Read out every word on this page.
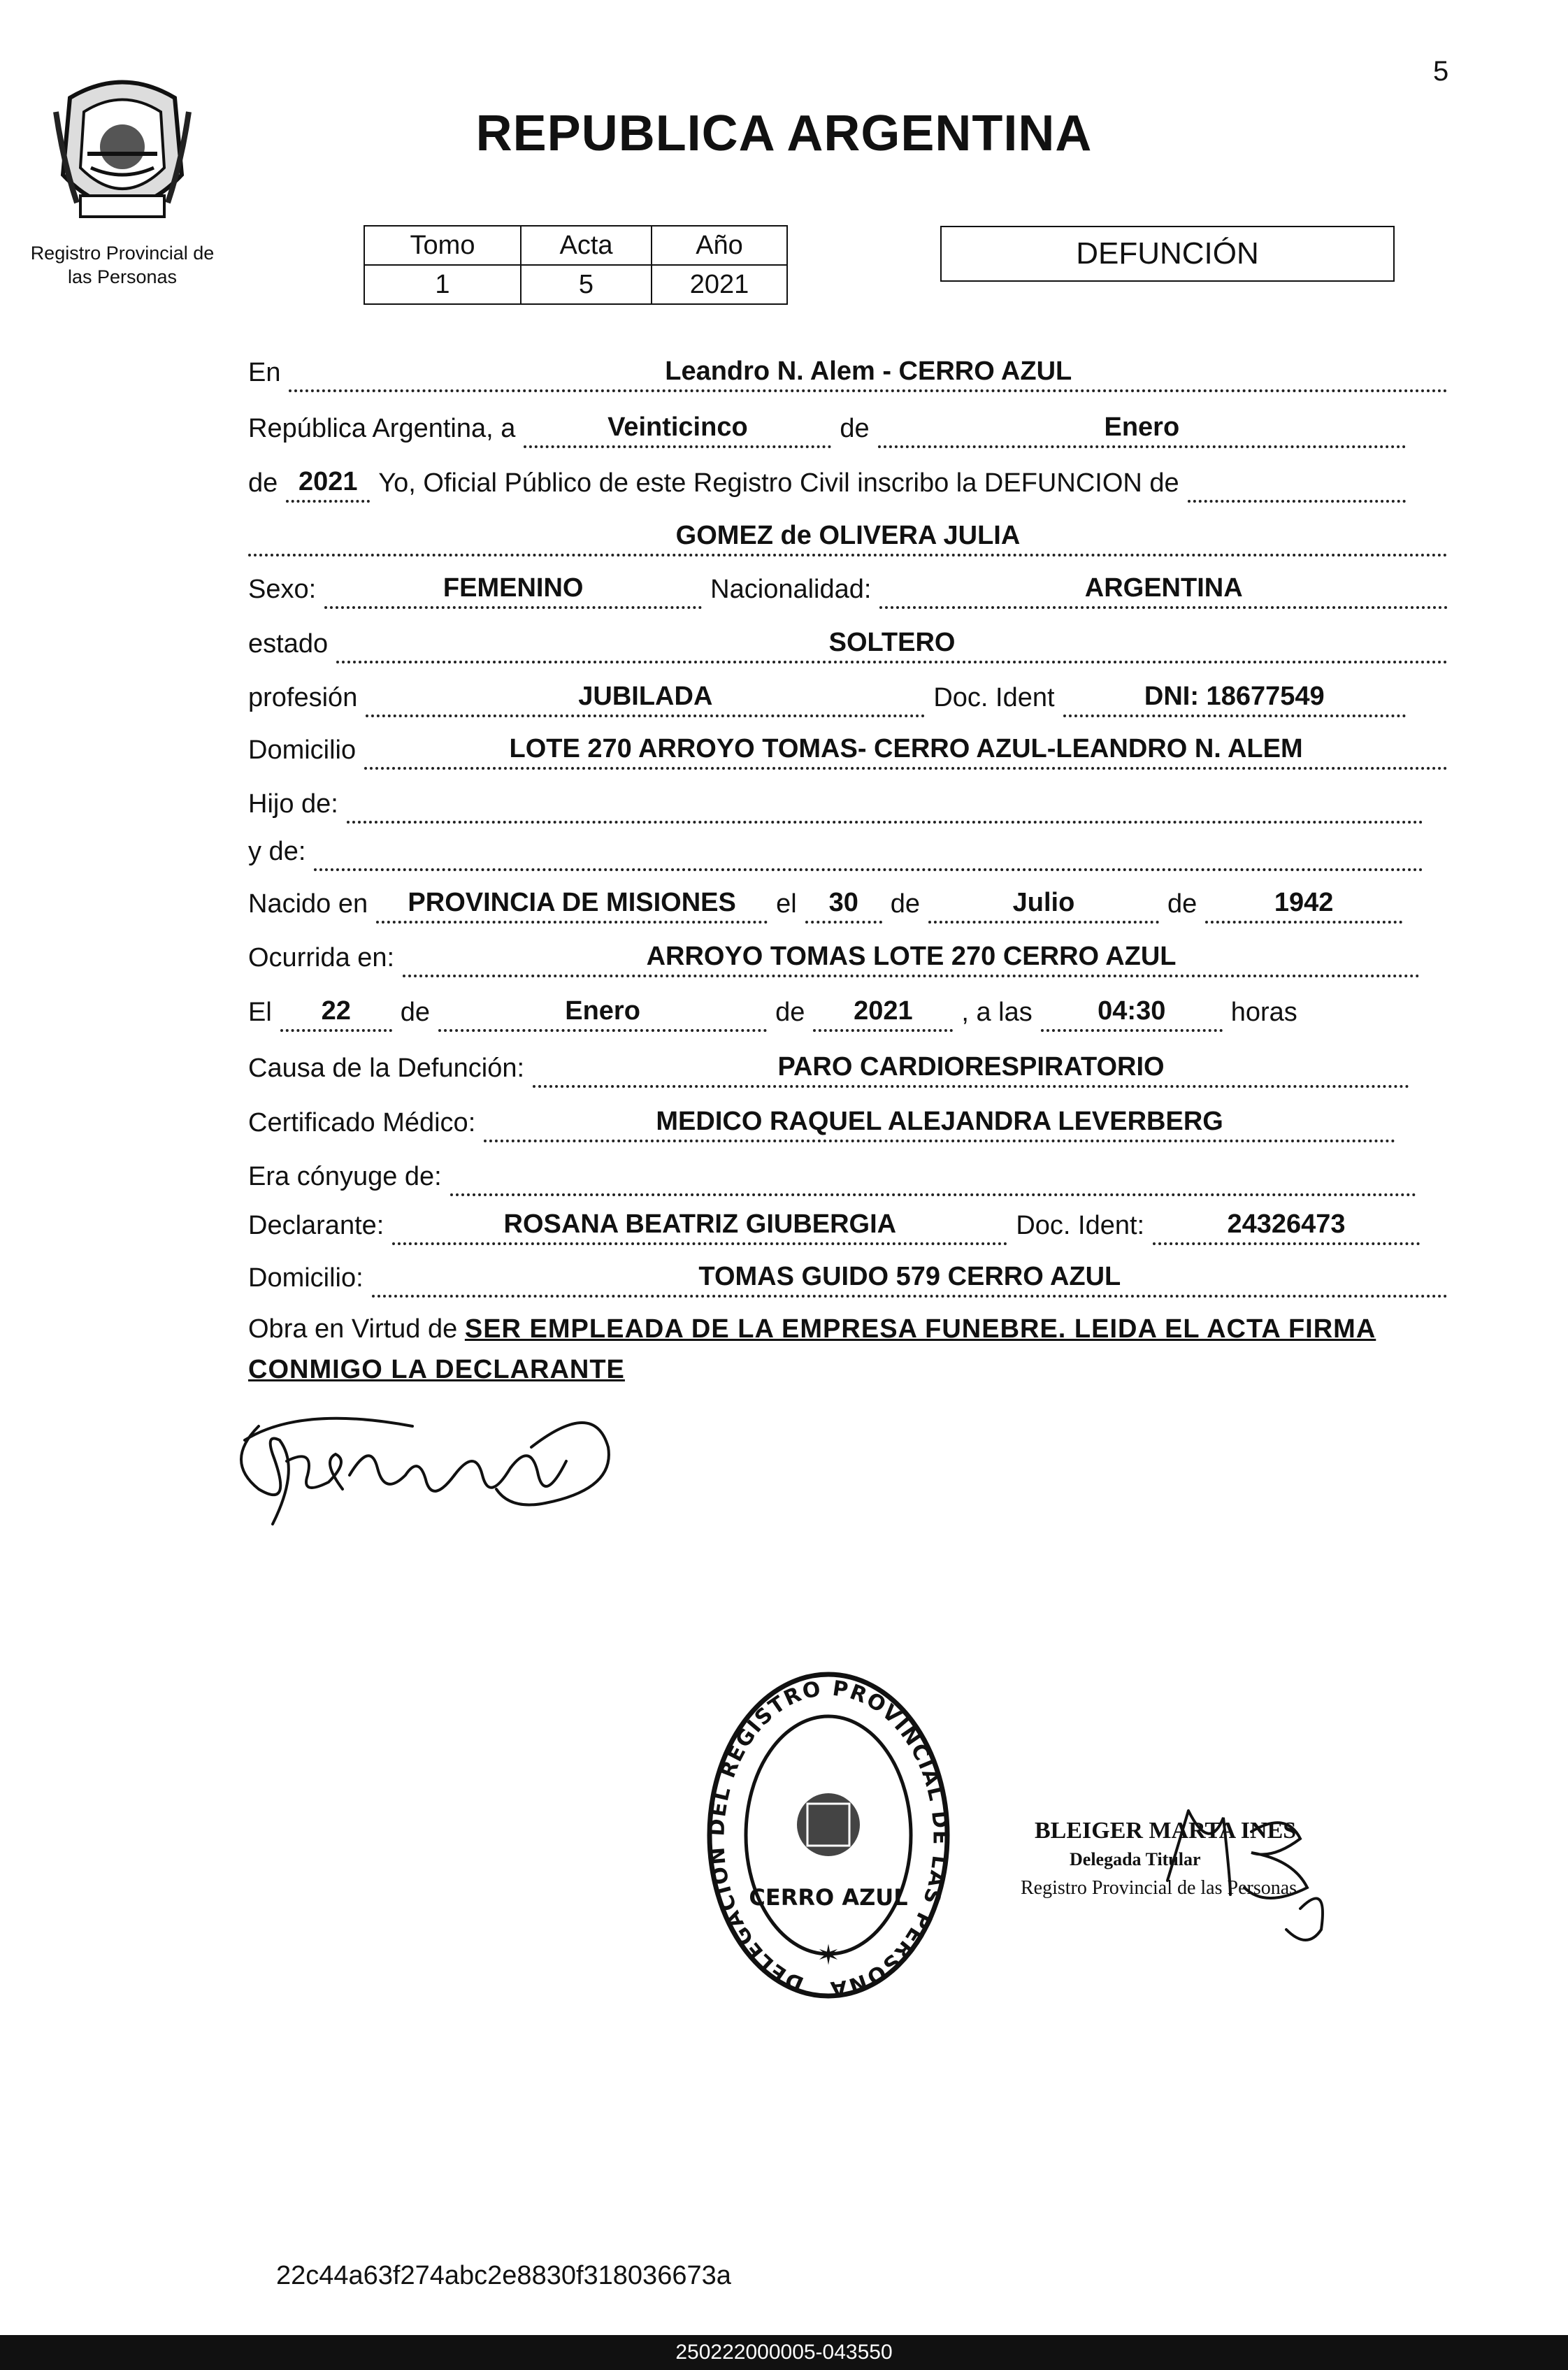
5
Registro Provincial de
las Personas
REPUBLICA ARGENTINA
Tomo	Acta	Año
1	5	2021
DEFUNCIÓN
En	Leandro N. Alem - CERRO AZUL
República Argentina, a	Veinticinco	de	Enero
de 2021 Yo, Oficial Público de este Registro Civil inscribo la DEFUNCION de
GOMEZ de OLIVERA JULIA
Sexo:	FEMENINO	Nacionalidad:	ARGENTINA
estado	SOLTERO
profesión	JUBILADA	Doc. Ident	DNI: 18677549
Domicilio	LOTE 270 ARROYO TOMAS- CERRO AZUL-LEANDRO N. ALEM
Hijo de:
y de:
Nacido en	PROVINCIA DE MISIONES	el	30	de	Julio	de	1942
Ocurrida en:	ARROYO TOMAS LOTE 270 CERRO AZUL
El	22	de	Enero	de	2021	, a las	04:30	horas
Causa de la Defunción:	PARO CARDIORESPIRATORIO
Certificado Médico:	MEDICO RAQUEL ALEJANDRA LEVERBERG
Era cónyuge de:
Declarante:	ROSANA BEATRIZ GIUBERGIA	Doc. Ident:	24326473
Domicilio:	TOMAS GUIDO 579 CERRO AZUL
Obra en Virtud de SER EMPLEADA DE LA EMPRESA FUNEBRE. LEIDA EL ACTA FIRMA
CONMIGO LA DECLARANTE
DELEGACION DEL REGISTRO PROVINCIAL DE LAS PERSONA
CERRO AZUL
✶
BLEIGER MARTA INES
Delegada Titular
Registro Provincial de las Personas
22c44a63f274abc2e8830f318036673a
250222000005-043550
